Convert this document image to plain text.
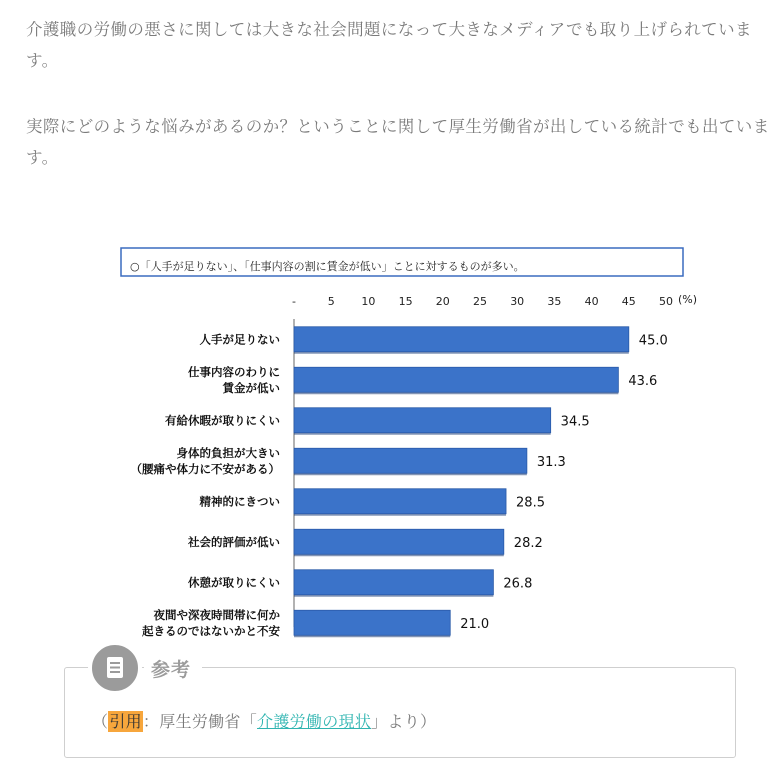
介護職の労働の悪さに関しては大きな社会問題になって大きなメディアでも取り上げられています。

実際にどのような悩みがあるのか？ということに関して厚生労働省が出している統計でも出ています。

○「人手が足りない」、「仕事内容の割に賃金が低い」ことに対するものが多い。
-	5 10 15 20 25 30 35 40 45 50 (%)
45.0
人手が足りない
43.6
仕事内容のわりに
賃金が低い
34.5
有給休暇が取りにくい
31.3
身体的負担が大きい
（腰痛や体力に不安がある）
28.5
精神的にきつい
28.2
社会的評価が低い
26.8
休憩が取りにくい
21.0
夜間や深夜時間帯に何か
起きるのではないかと不安
参考
（引用：厚生労働省「介護労働の現状」より）
